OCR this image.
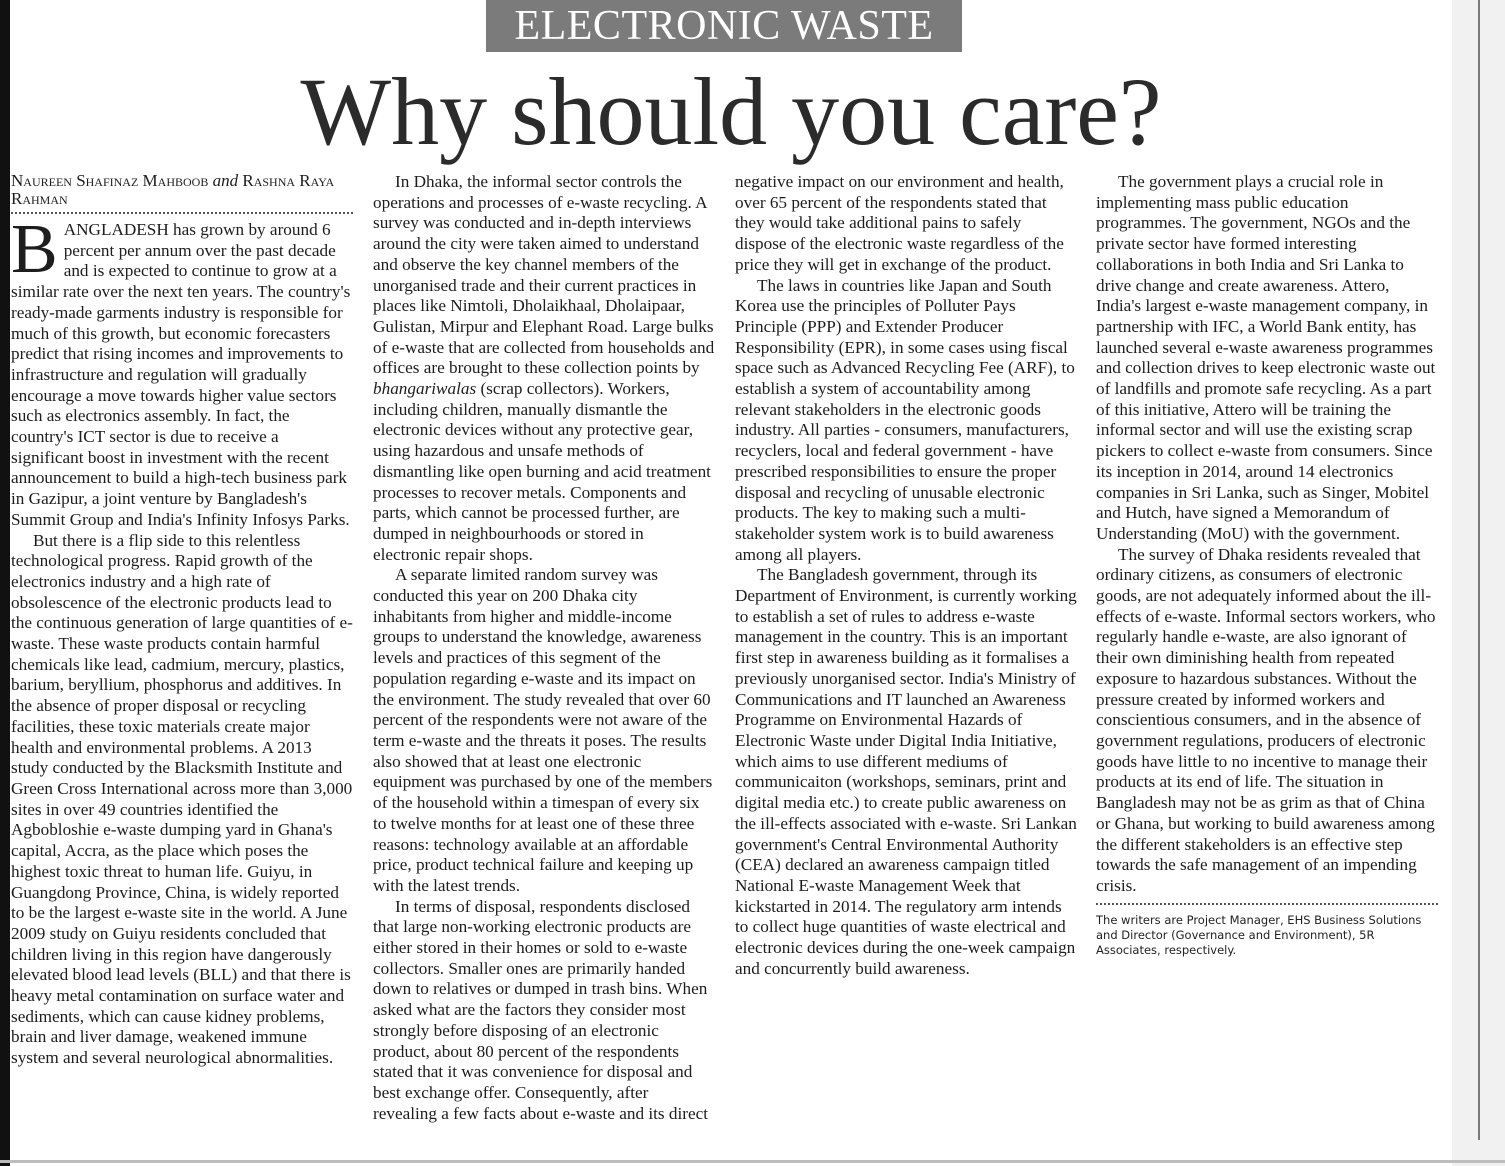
ELECTRONIC WASTE
Why should you care?
Naureen Shafinaz Mahboob and Rashna Raya Rahman

BANGLADESH has grown by around 6 percent per annum over the past decade and is expected to continue to grow at a similar rate over the next ten years. The country's ready-made garments industry is responsible for much of this growth, but economic forecasters predict that rising incomes and improvements to infrastructure and regulation will gradually encourage a move towards higher value sectors such as electronics assembly. In fact, the country's ICT sector is due to receive a significant boost in investment with the recent announcement to build a high-tech business park in Gazipur, a joint venture by Bangladesh's Summit Group and India's Infinity Infosys Parks.

But there is a flip side to this relentless technological progress. Rapid growth of the electronics industry and a high rate of obsolescence of the electronic products lead to the continuous generation of large quantities of e-waste. These waste products contain harmful chemicals like lead, cadmium, mercury, plastics, barium, beryllium, phosphorus and additives. In the absence of proper disposal or recycling facilities, these toxic materials create major health and environmental problems. A 2013 study conducted by the Blacksmith Institute and Green Cross International across more than 3,000 sites in over 49 countries identified the Agbobloshie e-waste dumping yard in Ghana's capital, Accra, as the place which poses the highest toxic threat to human life. Guiyu, in Guangdong Province, China, is widely reported to be the largest e-waste site in the world. A June 2009 study on Guiyu residents concluded that children living in this region have dangerously elevated blood lead levels (BLL) and that there is heavy metal contamination on surface water and sediments, which can cause kidney problems, brain and liver damage, weakened immune system and several neurological abnormalities.

In Dhaka, the informal sector controls the operations and processes of e-waste recycling. A survey was conducted and in-depth interviews around the city were taken aimed to understand and observe the key channel members of the unorganised trade and their current practices in places like Nimtoli, Dholaikhaal, Dholaipaar, Gulistan, Mirpur and Elephant Road. Large bulks of e-waste that are collected from households and offices are brought to these collection points by bhangariwalas (scrap collectors). Workers, including children, manually dismantle the electronic devices without any protective gear, using hazardous and unsafe methods of dismantling like open burning and acid treatment processes to recover metals. Components and parts, which cannot be processed further, are dumped in neighbourhoods or stored in electronic repair shops.

A separate limited random survey was conducted this year on 200 Dhaka city inhabitants from higher and middle-income groups to understand the knowledge, awareness levels and practices of this segment of the population regarding e-waste and its impact on the environment. The study revealed that over 60 percent of the respondents were not aware of the term e-waste and the threats it poses. The results also showed that at least one electronic equipment was purchased by one of the members of the household within a timespan of every six to twelve months for at least one of these three reasons: technology available at an affordable price, product technical failure and keeping up with the latest trends.

In terms of disposal, respondents disclosed that large non-working electronic products are either stored in their homes or sold to e-waste collectors. Smaller ones are primarily handed down to relatives or dumped in trash bins. When asked what are the factors they consider most strongly before disposing of an electronic product, about 80 percent of the respondents stated that it was convenience for disposal and best exchange offer. Consequently, after revealing a few facts about e-waste and its direct

negative impact on our environment and health, over 65 percent of the respondents stated that they would take additional pains to safely dispose of the electronic waste regardless of the price they will get in exchange of the product.

The laws in countries like Japan and South Korea use the principles of Polluter Pays Principle (PPP) and Extender Producer Responsibility (EPR), in some cases using fiscal space such as Advanced Recycling Fee (ARF), to establish a system of accountability among relevant stakeholders in the electronic goods industry. All parties - consumers, manufacturers, recyclers, local and federal government - have prescribed responsibilities to ensure the proper disposal and recycling of unusable electronic products. The key to making such a multi-stakeholder system work is to build awareness among all players.

The Bangladesh government, through its Department of Environment, is currently working to establish a set of rules to address e-waste management in the country. This is an important first step in awareness building as it formalises a previously unorganised sector. India's Ministry of Communications and IT launched an Awareness Programme on Environmental Hazards of Electronic Waste under Digital India Initiative, which aims to use different mediums of communicaiton (workshops, seminars, print and digital media etc.) to create public awareness on the ill-effects associated with e-waste. Sri Lankan government's Central Environmental Authority (CEA) declared an awareness campaign titled National E-waste Management Week that kickstarted in 2014. The regulatory arm intends to collect huge quantities of waste electrical and electronic devices during the one-week campaign and concurrently build awareness.

The government plays a crucial role in implementing mass public education programmes. The government, NGOs and the private sector have formed interesting collaborations in both India and Sri Lanka to drive change and create awareness. Attero, India's largest e-waste management company, in partnership with IFC, a World Bank entity, has launched several e-waste awareness programmes and collection drives to keep electronic waste out of landfills and promote safe recycling. As a part of this initiative, Attero will be training the informal sector and will use the existing scrap pickers to collect e-waste from consumers. Since its inception in 2014, around 14 electronics companies in Sri Lanka, such as Singer, Mobitel and Hutch, have signed a Memorandum of Understanding (MoU) with the government.

The survey of Dhaka residents revealed that ordinary citizens, as consumers of electronic goods, are not adequately informed about the ill-effects of e-waste. Informal sectors workers, who regularly handle e-waste, are also ignorant of their own diminishing health from repeated exposure to hazardous substances. Without the pressure created by informed workers and conscientious consumers, and in the absence of government regulations, producers of electronic goods have little to no incentive to manage their products at its end of life. The situation in Bangladesh may not be as grim as that of China or Ghana, but working to build awareness among the different stakeholders is an effective step towards the safe management of an impending crisis.

The writers are Project Manager, EHS Business Solutions and Director (Governance and Environment), 5R Associates, respectively.
